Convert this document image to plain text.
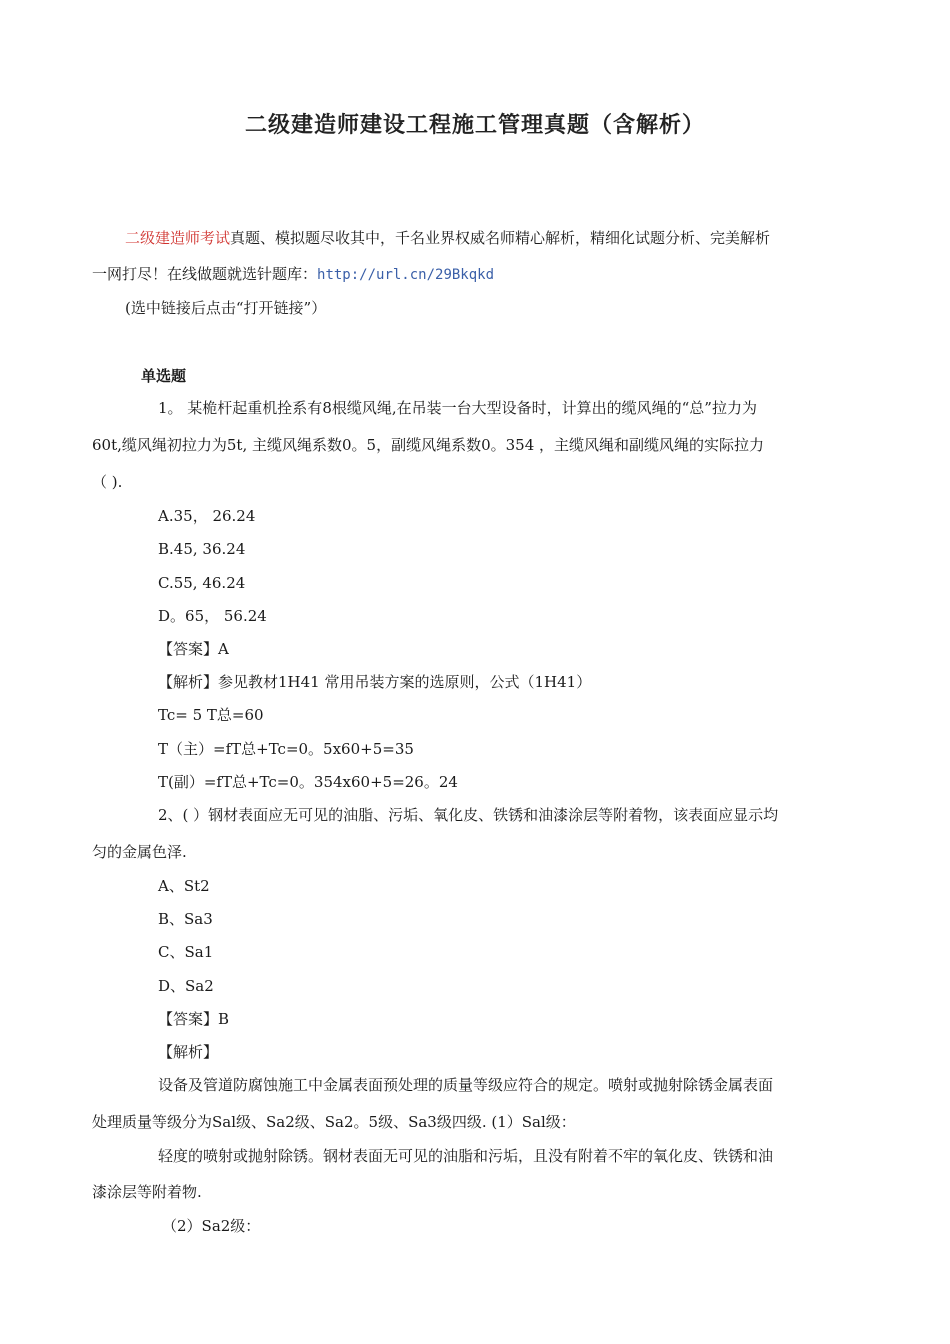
二级建造师建设工程施工管理真题（含解析）
二级建造师考试真题、模拟题尽收其中，千名业界权威名师精心解析，精细化试题分析、完美解析
一网打尽！在线做题就选针题库：http://url.cn/29Bkqkd
(选中链接后点击“打开链接”）
单选题
1。 某桅杆起重机拴系有8根缆风绳,在吊装一台大型设备时，计算出的缆风绳的“总”拉力为
60t,缆风绳初拉力为5t, 主缆风绳系数0。5，副缆风绳系数0。354 ，主缆风绳和副缆风绳的实际拉力
（ ).
A.35， 26.24
B.45, 36.24
C.55, 46.24
D。65， 56.24
【答案】A
【解析】参见教材1H41 常用吊装方案的选原则，公式（1H41）
Tc= 5 T总=60
T（主）=fT总+Tc=0。5x60+5=35
T(副）=fT总+Tc=0。354x60+5=26。24
2、( ）钢材表面应无可见的油脂、污垢、氧化皮、铁锈和油漆涂层等附着物，该表面应显示均
匀的金属色泽.
A、St2
B、Sa3
C、Sa1
D、Sa2
【答案】B
【解析】
设备及管道防腐蚀施工中金属表面预处理的质量等级应符合的规定。喷射或抛射除锈金属表面
处理质量等级分为Sal级、Sa2级、Sa2。5级、Sa3级四级. (1）Sal级：
轻度的喷射或抛射除锈。钢材表面无可见的油脂和污垢，且没有附着不牢的氧化皮、铁锈和油
漆涂层等附着物.
（2）Sa2级：
